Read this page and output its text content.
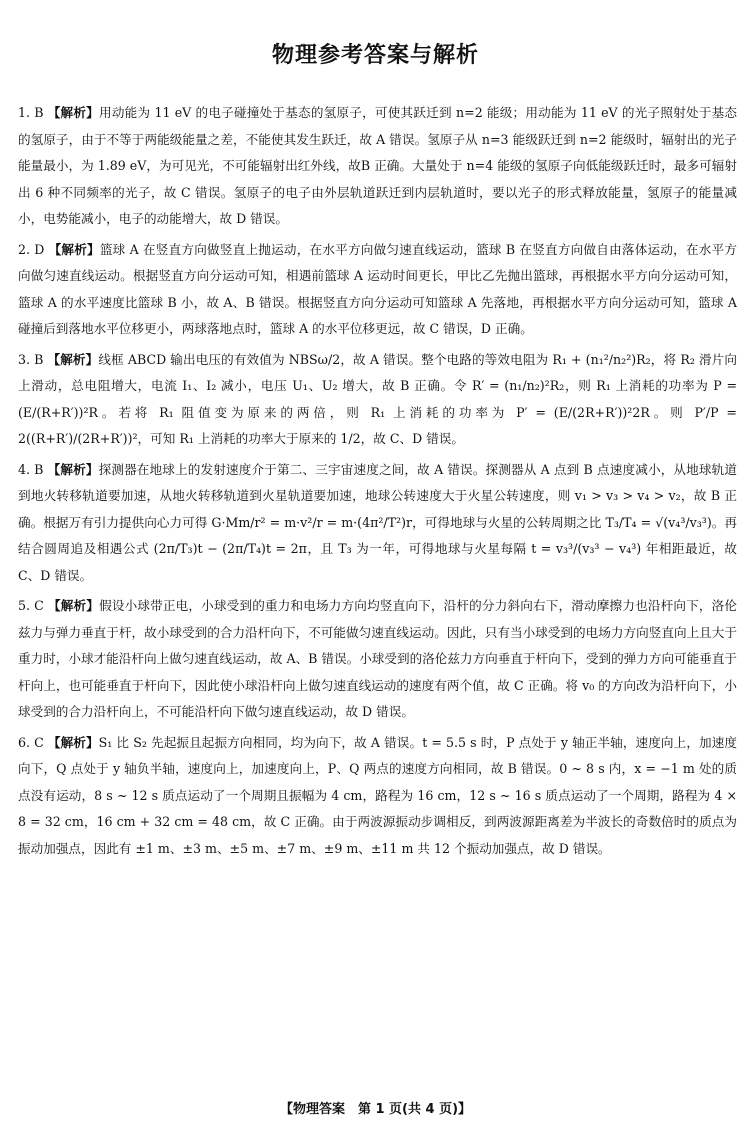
物理参考答案与解析

1. B 【解析】用动能为 11 eV 的电子碰撞处于基态的氢原子，可使其跃迁到 n=2 能级；用动能为 11 eV 的光子照射处于基态的氢原子，由于不等于两能级能量之差，不能使其发生跃迁，故 A 错误。氢原子从 n=3 能级跃迁到 n=2 能级时，辐射出的光子能量最小，为 1.89 eV，为可见光，不可能辐射出红外线，故B 正确。大量处于 n=4 能级的氢原子向低能级跃迁时，最多可辐射出 6 种不同频率的光子，故 C 错误。氢原子的电子由外层轨道跃迁到内层轨道时，要以光子的形式释放能量，氢原子的能量减小，电势能减小，电子的动能增大，故 D 错误。

2. D 【解析】篮球 A 在竖直方向做竖直上抛运动，在水平方向做匀速直线运动，篮球 B 在竖直方向做自由落体运动，在水平方向做匀速直线运动。根据竖直方向分运动可知，相遇前篮球 A 运动时间更长，甲比乙先抛出篮球，再根据水平方向分运动可知，篮球 A 的水平速度比篮球 B 小，故 A、B 错误。根据竖直方向分运动可知篮球 A 先落地，再根据水平方向分运动可知，篮球 A 碰撞后到落地水平位移更小，两球落地点时，篮球 A 的水平位移更远，故 C 错误，D 正确。

3. B 【解析】线框 ABCD 输出电压的有效值为 NBSω/2，故 A 错误。整个电路的等效电阻为 R₁ + (n₁²/n₂²)R₂，将 R₂ 滑片向上滑动，总电阻增大，电流 I₁、I₂ 减小，电压 U₁、U₂ 增大，故 B 正确。令 R′ = (n₁/n₂)²R₂，则 R₁ 上消耗的功率为 P = (E/(R+R′))²R。若将 R₁ 阻值变为原来的两倍，则 R₁ 上消耗的功率为 P′ = (E/(2R+R′))²2R。则 P′/P = 2((R+R′)/(2R+R′))²，可知 R₁ 上消耗的功率大于原来的 1/2，故 C、D 错误。

4. B 【解析】探测器在地球上的发射速度介于第二、三宇宙速度之间，故 A 错误。探测器从 A 点到 B 点速度减小，从地球轨道到地火转移轨道要加速，从地火转移轨道到火星轨道要加速，地球公转速度大于火星公转速度，则 v₁ > v₃ > v₄ > v₂，故 B 正确。根据万有引力提供向心力可得 G·Mm/r² = m·v²/r = m·(4π²/T²)r，可得地球与火星的公转周期之比 T₃/T₄ = √(v₄³/v₃³)。再结合圆周追及相遇公式 (2π/T₃)t − (2π/T₄)t = 2π，且 T₃ 为一年，可得地球与火星每隔 t = v₃³/(v₃³ − v₄³) 年相距最近，故 C、D 错误。

5. C 【解析】假设小球带正电，小球受到的重力和电场力方向均竖直向下，沿杆的分力斜向右下，滑动摩擦力也沿杆向下，洛伦兹力与弹力垂直于杆，故小球受到的合力沿杆向下，不可能做匀速直线运动。因此，只有当小球受到的电场力方向竖直向上且大于重力时，小球才能沿杆向上做匀速直线运动，故 A、B 错误。小球受到的洛伦兹力方向垂直于杆向下，受到的弹力方向可能垂直于杆向上，也可能垂直于杆向下，因此使小球沿杆向上做匀速直线运动的速度有两个值，故 C 正确。将 v₀ 的方向改为沿杆向下，小球受到的合力沿杆向上，不可能沿杆向下做匀速直线运动，故 D 错误。

6. C 【解析】S₁ 比 S₂ 先起振且起振方向相同，均为向下，故 A 错误。t = 5.5 s 时，P 点处于 y 轴正半轴，速度向上，加速度向下，Q 点处于 y 轴负半轴，速度向上，加速度向上，P、Q 两点的速度方向相同，故 B 错误。0 ~ 8 s 内，x = −1 m 处的质点没有运动，8 s ~ 12 s 质点运动了一个周期且振幅为 4 cm，路程为 16 cm，12 s ~ 16 s 质点运动了一个周期，路程为 4 × 8 = 32 cm，16 cm + 32 cm = 48 cm，故 C 正确。由于两波源振动步调相反，到两波源距离差为半波长的奇数倍时的质点为振动加强点，因此有 ±1 m、±3 m、±5 m、±7 m、±9 m、±11 m 共 12 个振动加强点，故 D 错误。

【物理答案　第 1 页(共 4 页)】
